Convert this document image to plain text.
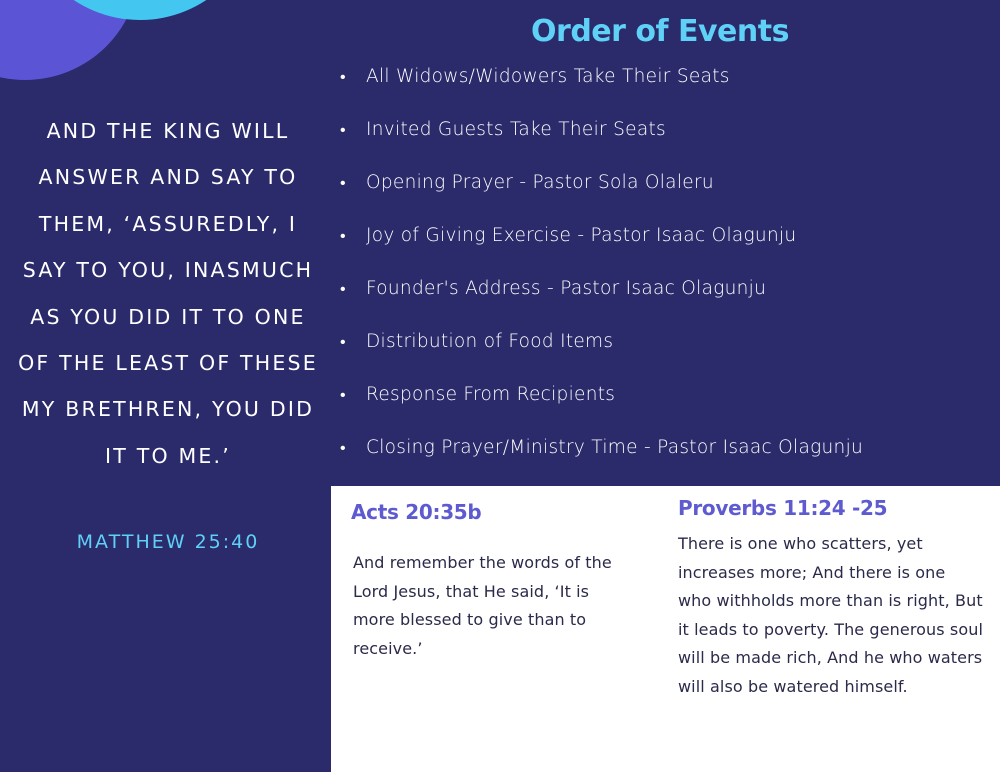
AND THE KING WILL ANSWER AND SAY TO THEM, ‘ASSUREDLY, I SAY TO YOU, INASMUCH AS YOU DID IT TO ONE OF THE LEAST OF THESE MY BRETHREN, YOU DID IT TO ME.’
MATTHEW 25:40
Order of Events
• All Widows/Widowers Take Their Seats
• Invited Guests Take Their Seats
• Opening Prayer - Pastor Sola Olaleru
• Joy of Giving Exercise - Pastor Isaac Olagunju
• Founder's Address - Pastor Isaac Olagunju
• Distribution of Food Items
• Response From Recipients
• Closing Prayer/Ministry Time - Pastor Isaac Olagunju
Acts 20:35b
And remember the words of the Lord Jesus, that He said, ‘It is more blessed to give than to receive.’
Proverbs 11:24 -25
There is one who scatters, yet increases more; And there is one who withholds more than is right, But it leads to poverty. The generous soul will be made rich, And he who waters will also be watered himself.
